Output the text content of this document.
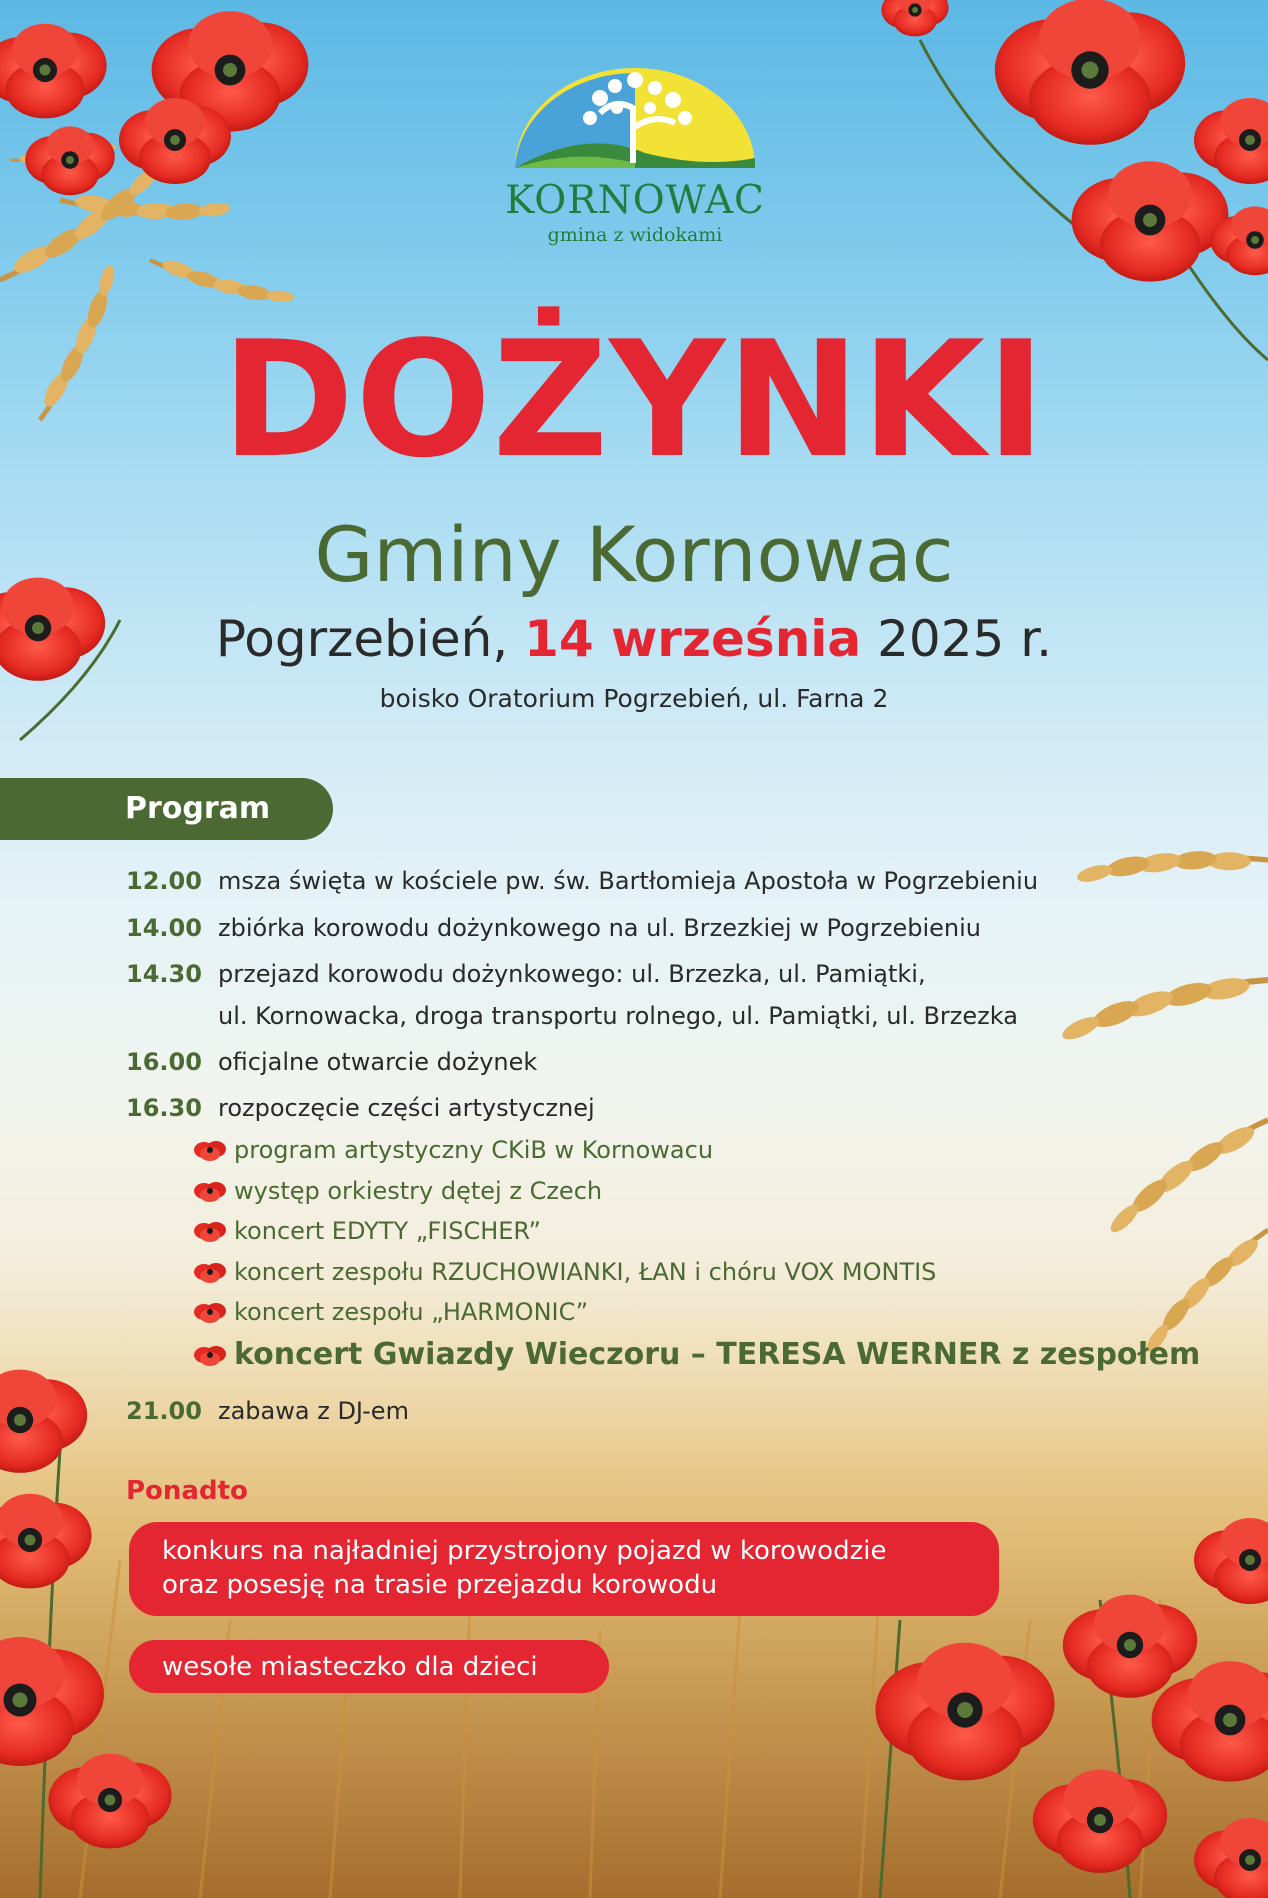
KORNOWAC
gmina z widokami
DOŻYNKI
Gminy Kornowac
Pogrzebień, 14 września 2025 r.
boisko Oratorium Pogrzebień, ul. Farna 2
Program
12.00 msza święta w kościele pw. św. Bartłomieja Apostoła w Pogrzebieniu
14.00 zbiórka korowodu dożynkowego na ul. Brzezkiej w Pogrzebieniu
14.30 przejazd korowodu dożynkowego: ul. Brzezka, ul. Pamiątki,
ul. Kornowacka, droga transportu rolnego, ul. Pamiątki, ul. Brzezka
16.00 oficjalne otwarcie dożynek
16.30 rozpoczęcie części artystycznej
program artystyczny CKiB w Kornowacu
występ orkiestry dętej z Czech
koncert EDYTY „FISCHER”
koncert zespołu RZUCHOWIANKI, ŁAN i chóru VOX MONTIS
koncert zespołu „HARMONIC”
koncert Gwiazdy Wieczoru – TERESA WERNER z zespołem
21.00 zabawa z DJ-em
Ponadto
konkurs na najładniej przystrojony pojazd w korowodzie
oraz posesję na trasie przejazdu korowodu
wesołe miasteczko dla dzieci
